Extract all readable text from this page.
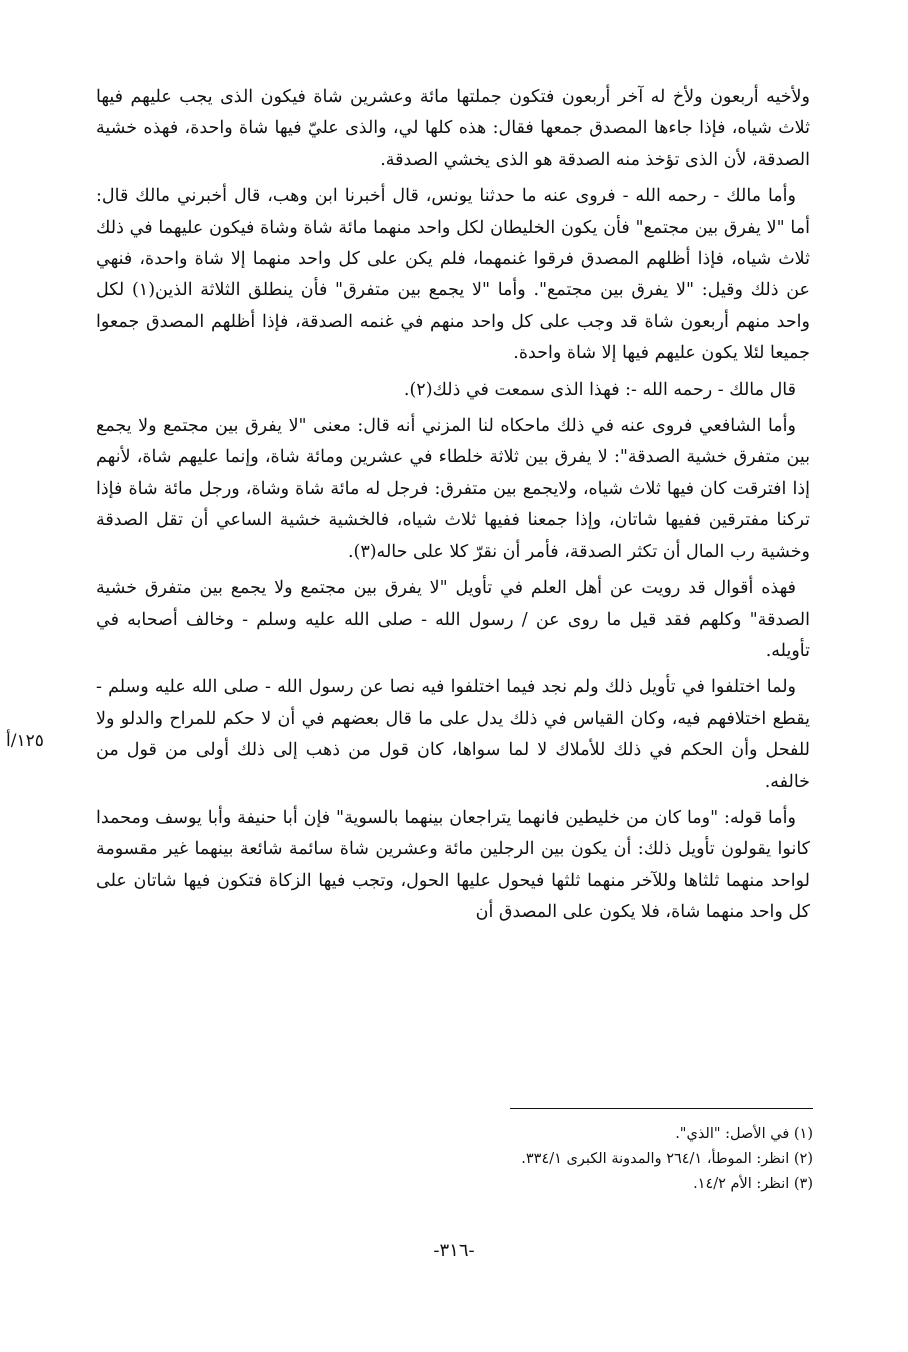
ولأخيه أربعون ولأخ له آخر أربعون فتكون جملتها مائة وعشرين شاة فيكون الذى يجب عليهم فيها ثلاث شياه، فإذا جاءها المصدق جمعها فقال: هذه كلها لي، والذى عليّ فيها شاة واحدة، فهذه خشية الصدقة، لأن الذى تؤخذ منه الصدقة هو الذى يخشي الصدقة.

وأما مالك - رحمه الله - فروى عنه ما حدثنا يونس، قال أخبرنا ابن وهب، قال أخبرني مالك قال: أما "لا يفرق بين مجتمع" فأن يكون الخليطان لكل واحد منهما مائة شاة وشاة فيكون عليهما في ذلك ثلاث شياه، فإذا أظلهم المصدق فرقوا غنمهما، فلم يكن على كل واحد منهما إلا شاة واحدة، فنهي عن ذلك وقيل: "لا يفرق بين مجتمع". وأما "لا يجمع بين متفرق" فأن ينطلق الثلاثة الذين(١) لكل واحد منهم أربعون شاة قد وجب على كل واحد منهم في غنمه الصدقة، فإذا أظلهم المصدق جمعوا جميعا لئلا يكون عليهم فيها إلا شاة واحدة.

قال مالك - رحمه الله -: فهذا الذى سمعت في ذلك(٢).

وأما الشافعي فروى عنه في ذلك ماحكاه لنا المزني أنه قال: معنى "لا يفرق بين مجتمع ولا يجمع بين متفرق خشية الصدقة": لا يفرق بين ثلاثة خلطاء في عشرين ومائة شاة، وإنما عليهم شاة، لأنهم إذا افترقت كان فيها ثلاث شياه، ولايجمع بين متفرق: فرجل له مائة شاة وشاة، ورجل مائة شاة فإذا تركنا مفترقين ففيها شاتان، وإذا جمعنا ففيها ثلاث شياه، فالخشية خشية الساعي أن تقل الصدقة وخشية رب المال أن تكثر الصدقة، فأمر أن نقرّ كلا على حاله(٣).

فهذه أقوال قد رويت عن أهل العلم في تأويل "لا يفرق بين مجتمع ولا يجمع بين متفرق خشية الصدقة" وكلهم فقد قيل ما روى عن / رسول الله - صلى الله عليه وسلم - وخالف أصحابه في تأويله.

ولما اختلفوا في تأويل ذلك ولم نجد فيما اختلفوا فيه نصا عن رسول الله - صلى الله عليه وسلم - يقطع اختلافهم فيه، وكان القياس في ذلك يدل على ما قال بعضهم في أن لا حكم للمراح والدلو ولا للفحل وأن الحكم في ذلك للأملاك لا لما سواها، كان قول من ذهب إلى ذلك أولى من قول من خالفه.

وأما قوله: "وما كان من خليطين فانهما يتراجعان بينهما بالسوية" فإن أبا حنيفة وأبا يوسف ومحمدا كانوا يقولون تأويل ذلك: أن يكون بين الرجلين مائة وعشرين شاة سائمة شائعة بينهما غير مقسومة لواحد منهما ثلثاها وللآخر منهما ثلثها فيحول عليها الحول، وتجب فيها الزكاة فتكون فيها شاتان على كل واحد منهما شاة، فلا يكون على المصدق أن

١٢٥/أ

(١) في الأصل: "الذي".

(٢) انظر: الموطأ، ٢٦٤/١ والمدونة الكبرى ٣٣٤/١.

(٣) انظر: الأم ١٤/٢.

-٣١٦-
